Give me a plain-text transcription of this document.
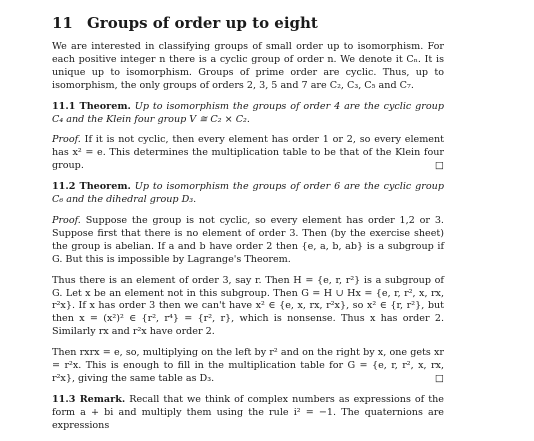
11 Groups of order up to eight

We are interested in classifying groups of small order up to isomorphism. For each positive integer n there is a cyclic group of order n. We denote it Cₙ. It is unique up to isomorphism. Groups of prime order are cyclic. Thus, up to isomorphism, the only groups of orders 2, 3, 5 and 7 are C₂, C₃, C₅ and C₇.

11.1 Theorem. Up to isomorphism the groups of order 4 are the cyclic group C₄ and the Klein four group V ≅ C₂ × C₂.

Proof. If it is not cyclic, then every element has order 1 or 2, so every element has x² = e. This determines the multiplication table to be that of the Klein four group.	□

11.2 Theorem. Up to isomorphism the groups of order 6 are the cyclic group C₆ and the dihedral group D₃.

Proof. Suppose the group is not cyclic, so every element has order 1,2 or 3. Suppose first that there is no element of order 3. Then (by the exercise sheet) the group is abelian. If a and b have order 2 then {e, a, b, ab} is a subgroup if G. But this is impossible by Lagrange's Theorem.

Thus there is an element of order 3, say r. Then H = {e, r, r²} is a subgroup of G. Let x be an element not in this subgroup. Then G = H ∪ Hx = {e, r, r², x, rx, r²x}. If x has order 3 then we can't have x² ∈ {e, x, rx, r²x}, so x² ∈ {r, r²}, but then x = (x²)² ∈ {r², r⁴} = {r², r}, which is nonsense. Thus x has order 2. Similarly rx and r²x have order 2.

Then rxrx = e, so, multiplying on the left by r² and on the right by x, one gets xr = r²x. This is enough to fill in the multiplication table for G = {e, r, r², x, rx, r²x}, giving the same table as D₃.	□

11.3 Remark. Recall that we think of complex numbers as expressions of the form a + bi and multiply them using the rule i² = −1. The quaternions are expressions
